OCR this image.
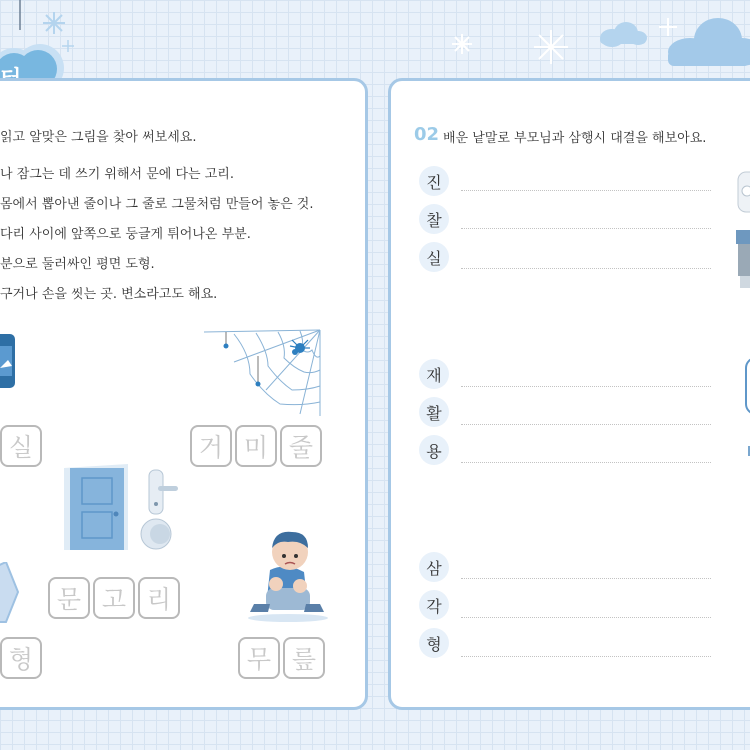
읽고 알맞은 그림을 찾아 써보세요.
나 잠그는 데 쓰기 위해서 문에 다는 고리.
몸에서 뽑아낸 줄이나 그 줄로 그물처럼 만들어 놓은 것.
다리 사이에 앞쪽으로 둥글게 튀어나온 부분.
분으로 둘러싸인 평면 도형.
구거나 손을 씻는 곳. 변소라고도 해요.
실	거 미 줄
문 고 리
형	무 릎
02 배운 낱말로 부모님과 삼행시 대결을 해보아요.
진
찰
실
재
활
용
삼
각
형
